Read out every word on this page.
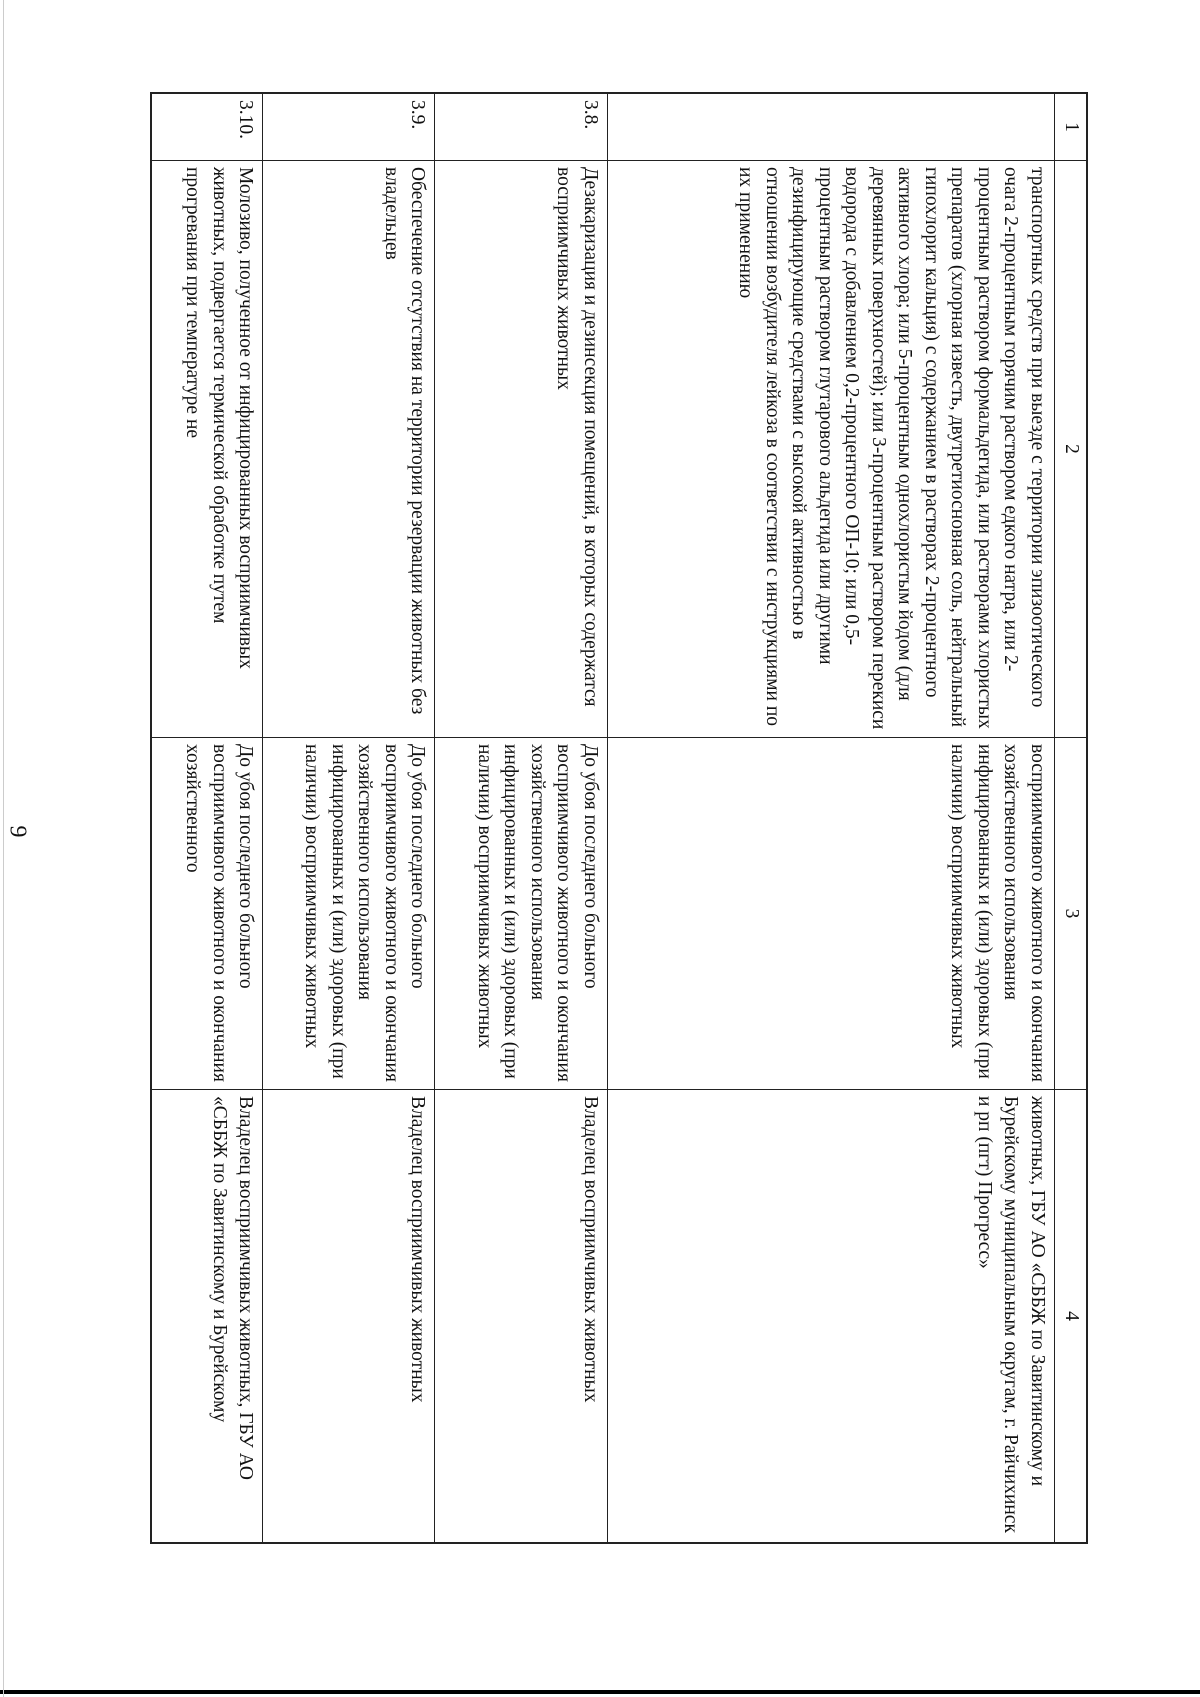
9
1	2	3	4
	транспортных средств при выезде с территории эпизоотического очага 2-процентным горячим раствором едкого натра, или 2-процентным раствором формальдегида, или растворами хлористых препаратов (хлорная известь, двутретиосновная соль, нейтральный гипохлорит кальция) с содержанием в растворах 2-процентного активного хлора; или 5-процентным однохлористым йодом (для деревянных поверхностей); или 3-процентным раствором перекиси водорода с добавлением 0,2-процентного ОП-10; или 0,5-процентным раствором глутарового альдегида или другими дезинфицирующие средствами с высокой активностью в отношении возбудителя лейкоза в соответствии с инструкциями по их применению	восприимчивого животного и окончания хозяйственного использования инфицированных и (или) здоровых (при наличии) восприимчивых животных	животных, ГБУ АО «СББЖ по Завитинскому и Бурейскому муниципальным округам, г. Райчихинск и рп (пгт) Прогресс»
3.8.	Дезакаризация и дезинсекция помещений, в которых содержатся восприимчивых животных	До убоя последнего больного восприимчивого животного и окончания хозяйственного использования инфицированных и (или) здоровых (при наличии) восприимчивых животных	Владелец восприимчивых животных
3.9.	Обеспечение отсутствия на территории резервации животных без владельцев	До убоя последнего больного восприимчивого животного и окончания хозяйственного использования инфицированных и (или) здоровых (при наличии) восприимчивых животных	Владелец восприимчивых животных
3.10.	Молозиво, полученное от инфицированных восприимчивых животных, подвергается термической обработке путем прогревания при температуре не	До убоя последнего больного восприимчивого животного и окончания хозяйственного	Владелец восприимчивых животных, ГБУ АО «СББЖ по Завитинскому и Бурейскому
